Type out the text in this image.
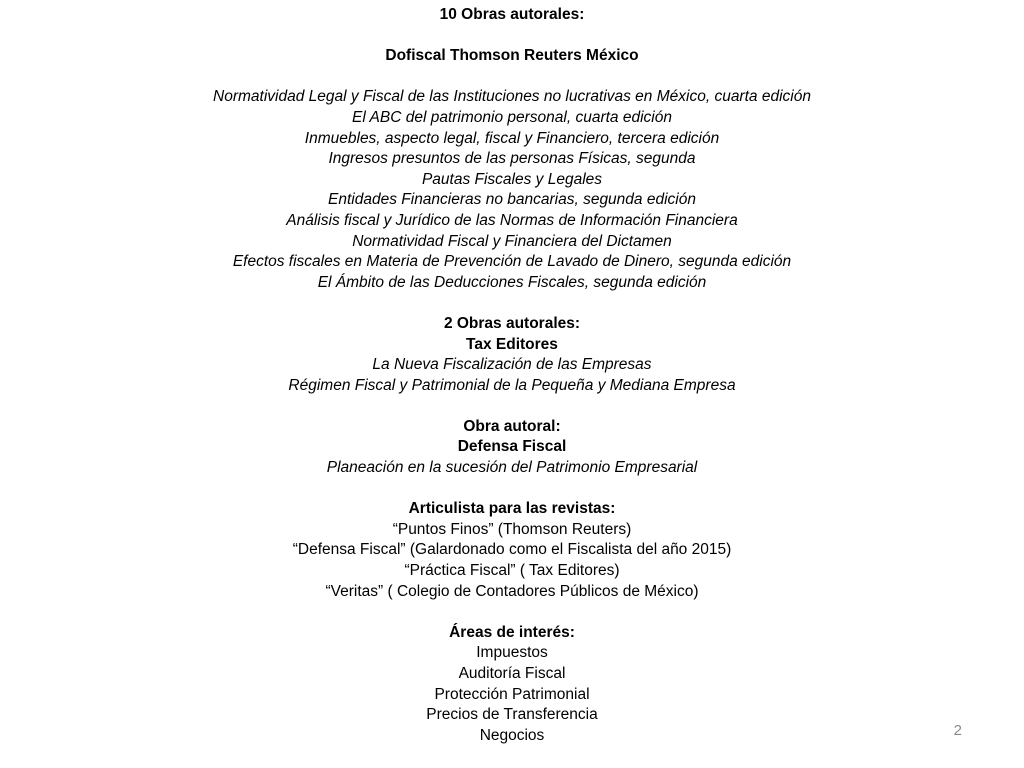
10 Obras autorales:
Dofiscal Thomson Reuters México
Normatividad Legal y Fiscal de las Instituciones no lucrativas en México, cuarta edición
El ABC del patrimonio personal, cuarta edición
Inmuebles, aspecto legal, fiscal y Financiero, tercera edición
Ingresos presuntos de las personas Físicas, segunda
Pautas Fiscales y Legales
Entidades Financieras no bancarias, segunda edición
Análisis fiscal y Jurídico de las Normas de Información Financiera
Normatividad Fiscal y Financiera del Dictamen
Efectos fiscales en Materia de Prevención de Lavado de Dinero, segunda edición
El Ámbito de las Deducciones Fiscales, segunda edición
2 Obras autorales:
Tax Editores
La Nueva Fiscalización de las Empresas
Régimen Fiscal y Patrimonial de la Pequeña y Mediana Empresa
Obra autoral:
Defensa Fiscal
Planeación en la sucesión del Patrimonio Empresarial
Articulista para las revistas:
“Puntos Finos” (Thomson Reuters)
“Defensa Fiscal” (Galardonado como el Fiscalista del año 2015)
“Práctica Fiscal” ( Tax Editores)
“Veritas” ( Colegio de Contadores Públicos de México)
Áreas de interés:
Impuestos
Auditoría Fiscal
Protección Patrimonial
Precios de Transferencia
Negocios	2
